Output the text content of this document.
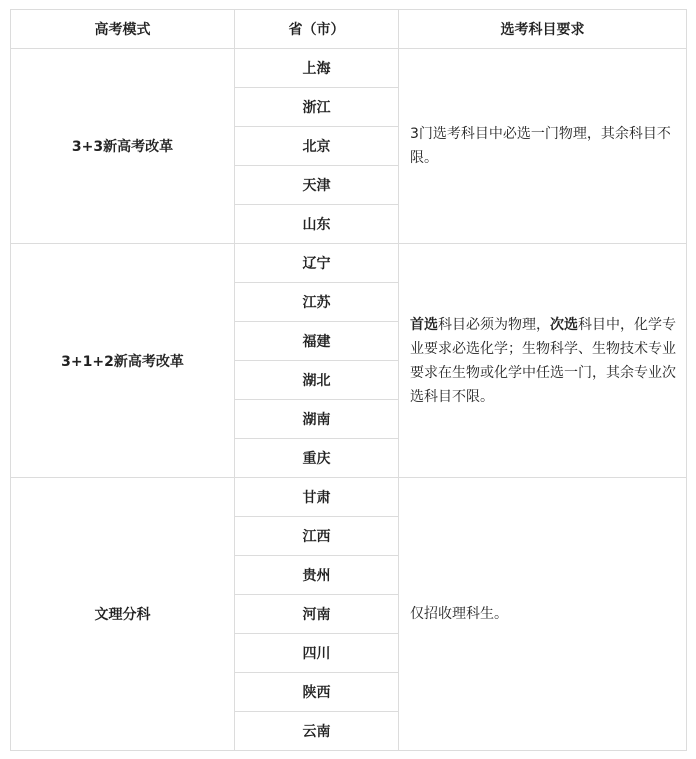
高考模式	省（市）	选考科目要求
3+3新高考改革	上海	3门选考科目中必选一门物理，其余科目不限。
	浙江	
	北京	
	天津	
	山东	
3+1+2新高考改革	辽宁	首选科目必须为物理，次选科目中，化学专业要求必选化学；生物科学、生物技术专业要求在生物或化学中任选一门，其余专业次选科目不限。
	江苏	
	福建	
	湖北	
	湖南	
	重庆	
文理分科	甘肃	仅招收理科生。
	江西	
	贵州	
	河南	
	四川	
	陕西	
	云南	
